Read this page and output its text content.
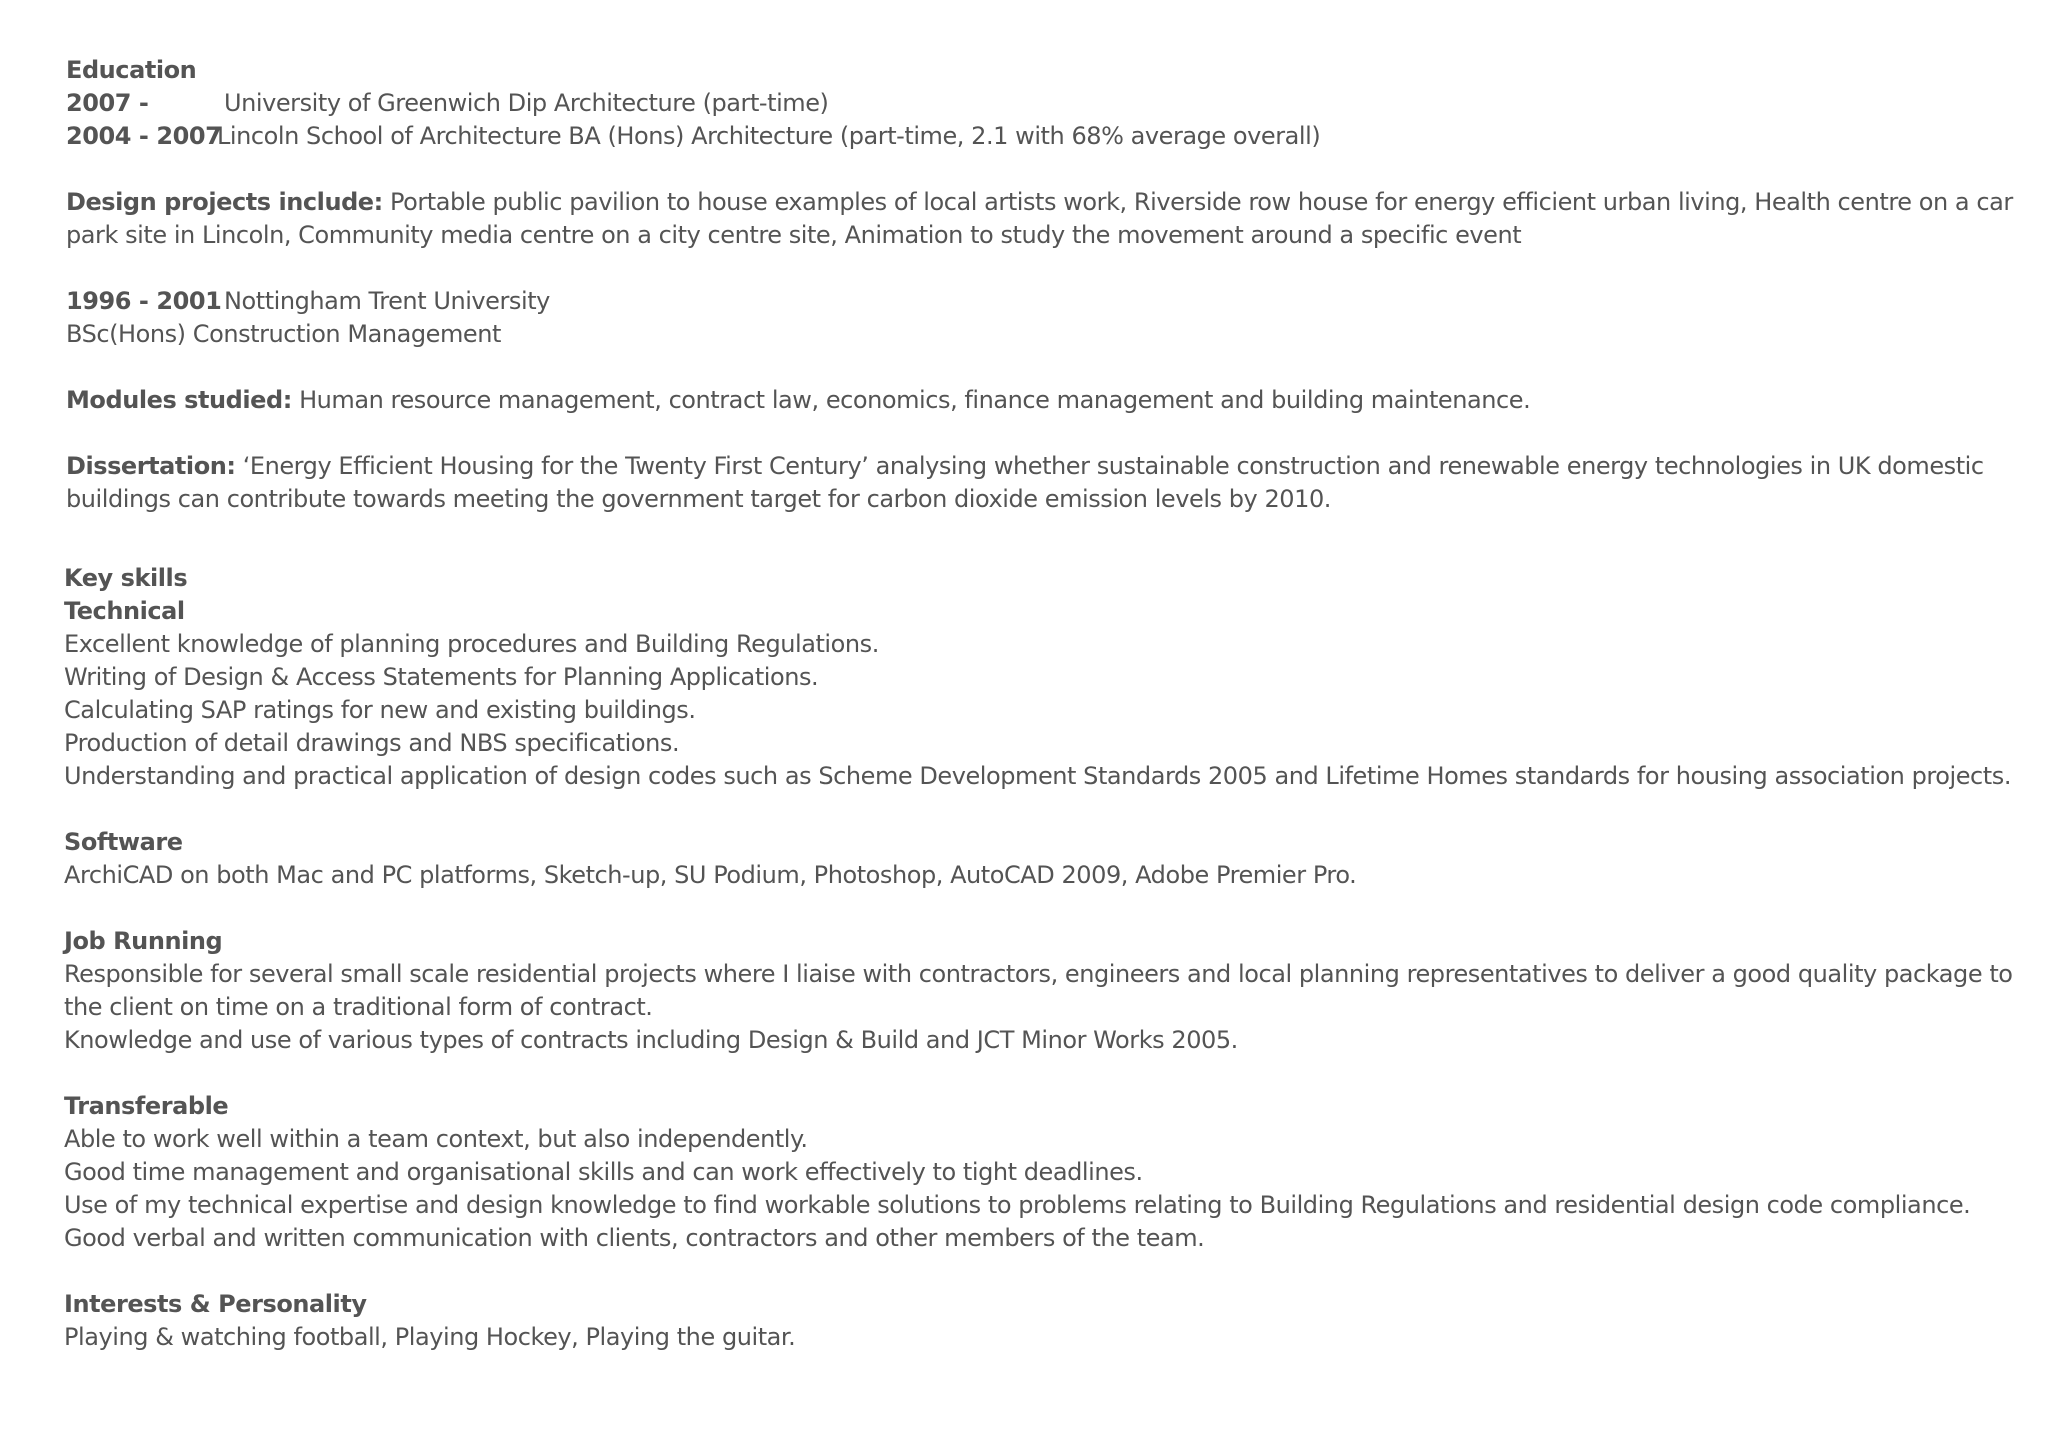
Education
2007 -	University of Greenwich Dip Architecture (part-time)
2004 - 2007
Lincoln School of Architecture BA (Hons) Architecture (part-time, 2.1 with 68% average overall)
Design projects include: Portable public pavilion to house examples of local artists work, Riverside row house for energy efficient urban living, Health centre on a car park site in Lincoln, Community media centre on a city centre site, Animation to study the movement around a specific event
1996 - 2001 Nottingham Trent University
BSc(Hons) Construction Management
Modules studied: Human resource management, contract law, economics, finance management and building maintenance.
Dissertation: ‘Energy Efficient Housing for the Twenty First Century’ analysing whether sustainable construction and renewable energy technologies in UK domestic buildings can contribute towards meeting the government target for carbon dioxide emission levels by 2010.
Key skills
Technical
Excellent knowledge of planning procedures and Building Regulations.
Writing of Design & Access Statements for Planning Applications.
Calculating SAP ratings for new and existing buildings.
Production of detail drawings and NBS specifications.
Understanding and practical application of design codes such as Scheme Development Standards 2005 and Lifetime Homes standards for housing association projects.
Software
ArchiCAD on both Mac and PC platforms, Sketch-up, SU Podium, Photoshop, AutoCAD 2009, Adobe Premier Pro.
Job Running
Responsible for several small scale residential projects where I liaise with contractors, engineers and local planning representatives to deliver a good quality package to the client on time on a traditional form of contract.
Knowledge and use of various types of contracts including Design & Build and JCT Minor Works 2005.
Transferable
Able to work well within a team context, but also independently.
Good time management and organisational skills and can work effectively to tight deadlines.
Use of my technical expertise and design knowledge to find workable solutions to problems relating to Building Regulations and residential design code compliance.
Good verbal and written communication with clients, contractors and other members of the team.
Interests & Personality
Playing & watching football, Playing Hockey, Playing the guitar.
